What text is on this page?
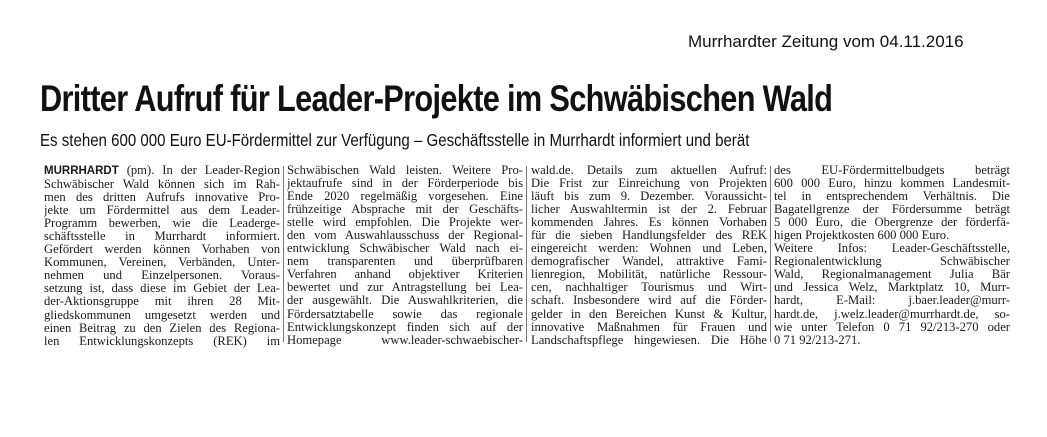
Murrhardter Zeitung vom 04.11.2016
Dritter Aufruf für Leader-Projekte im Schwäbischen Wald
Es stehen 600 000 Euro EU-Fördermittel zur Verfügung – Geschäftsstelle in Murrhardt informiert und berät
MURRHARDT (pm). In der Leader-Region
Schwäbischer Wald können sich im Rah-
men des dritten Aufrufs innovative Pro-
jekte um Fördermittel aus dem Leader-
Programm bewerben, wie die Leaderge-
schäftsstelle in Murrhardt informiert.
Gefördert werden können Vorhaben von
Kommunen, Vereinen, Verbänden, Unter-
nehmen und Einzelpersonen. Voraus-
setzung ist, dass diese im Gebiet der Lea-
der-Aktionsgruppe mit ihren 28 Mit-
gliedskommunen umgesetzt werden und
einen Beitrag zu den Zielen des Regiona-
len Entwicklungskonzepts (REK) im
Schwäbischen Wald leisten. Weitere Pro-
jektaufrufe sind in der Förderperiode bis
Ende 2020 regelmäßig vorgesehen. Eine
frühzeitige Absprache mit der Geschäfts-
stelle wird empfohlen. Die Projekte wer-
den vom Auswahlausschuss der Regional-
entwicklung Schwäbischer Wald nach ei-
nem transparenten und überprüfbaren
Verfahren anhand objektiver Kriterien
bewertet und zur Antragstellung bei Lea-
der ausgewählt. Die Auswahlkriterien, die
Fördersatztabelle sowie das regionale
Entwicklungskonzept finden sich auf der
Homepage www.leader-schwaebischer-
wald.de. Details zum aktuellen Aufruf:
Die Frist zur Einreichung von Projekten
läuft bis zum 9. Dezember. Voraussicht-
licher Auswahltermin ist der 2. Februar
kommenden Jahres. Es können Vorhaben
für die sieben Handlungsfelder des REK
eingereicht werden: Wohnen und Leben,
demografischer Wandel, attraktive Fami-
lienregion, Mobilität, natürliche Ressour-
cen, nachhaltiger Tourismus und Wirt-
schaft. Insbesondere wird auf die Förder-
gelder in den Bereichen Kunst & Kultur,
innovative Maßnahmen für Frauen und
Landschaftspflege hingewiesen. Die Höhe
des EU-Fördermittelbudgets beträgt
600 000 Euro, hinzu kommen Landesmit-
tel in entsprechendem Verhältnis. Die
Bagatellgrenze der Fördersumme beträgt
5 000 Euro, die Obergrenze der förderfä-
higen Projektkosten 600 000 Euro.
Weitere Infos: Leader-Geschäftsstelle,
Regionalentwicklung Schwäbischer
Wald, Regionalmanagement Julia Bär
und Jessica Welz, Marktplatz 10, Murr-
hardt, E-Mail: j.baer.leader@murr-
hardt.de, j.welz.leader@murrhardt.de, so-
wie unter Telefon 0 71 92/213-270 oder
0 71 92/213-271.
